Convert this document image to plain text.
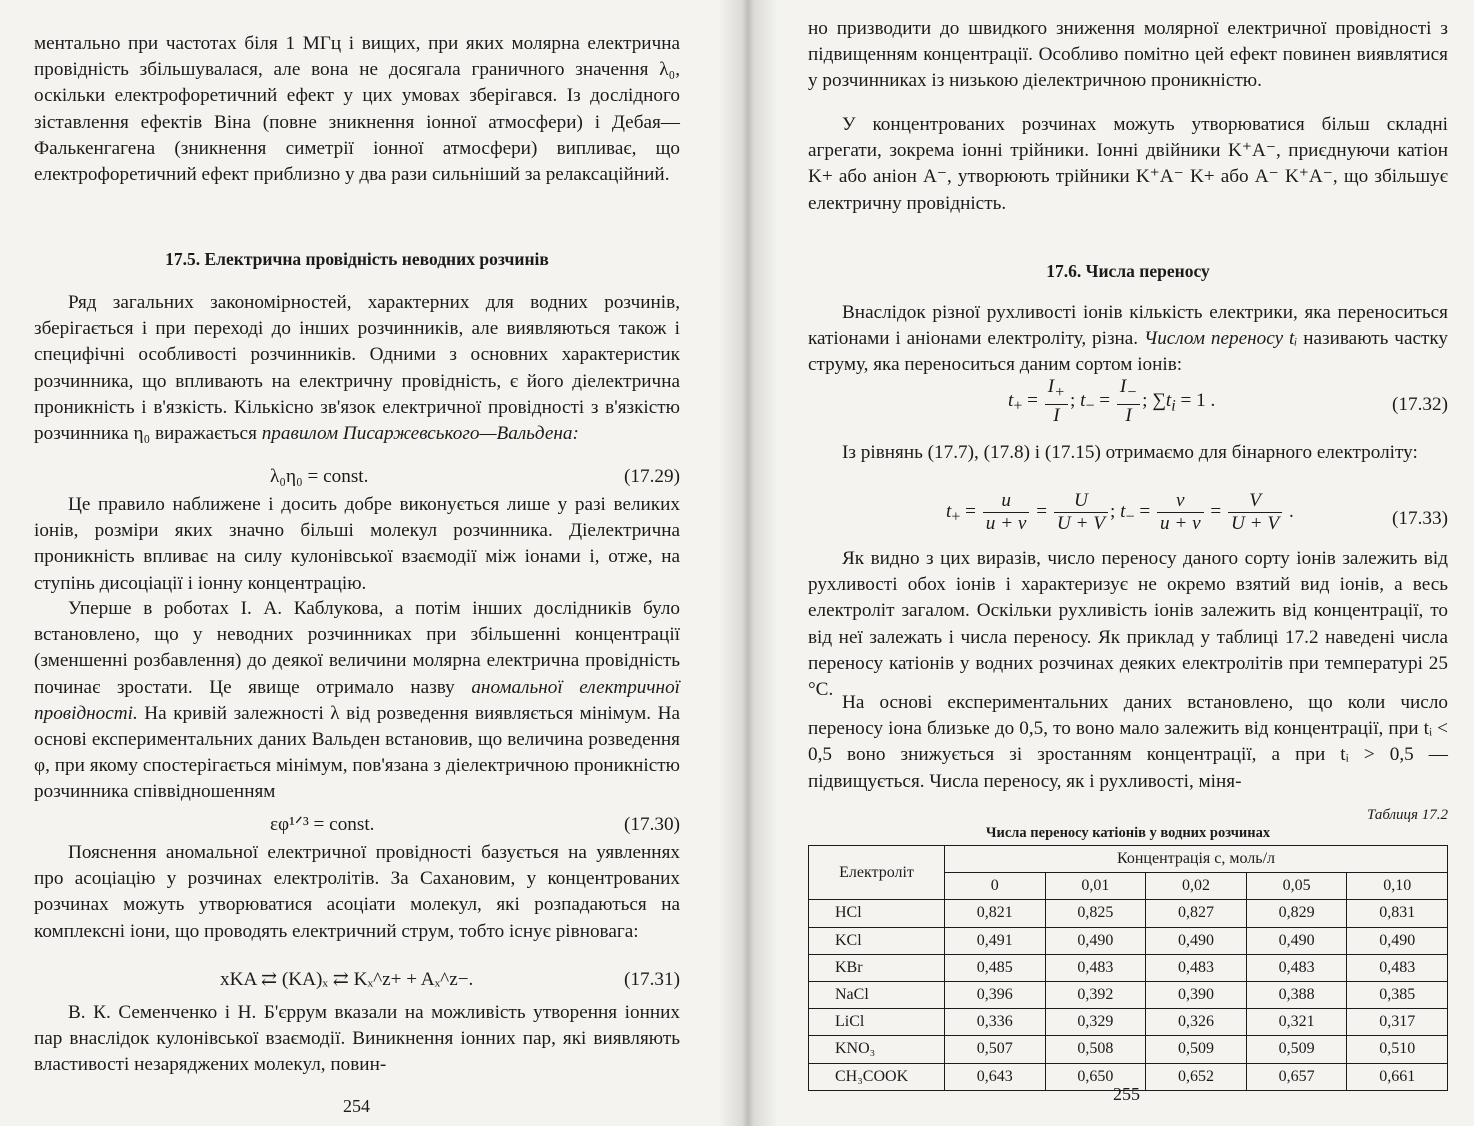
ментально при частотах біля 1 МГц і вищих, при яких молярна електрична провідність збільшувалася, але вона не досягала граничного значення λ₀, оскільки електрофоретичний ефект у цих умовах зберігався. Із дослідного зіставлення ефектів Віна (повне зникнення іонної атмосфери) і Дебая—Фалькенгагена (зникнення симетрії іонної атмосфери) випливає, що електрофоретичний ефект приблизно у два рази сильніший за релаксаційний.

17.5. Електрична провідність неводних розчинів

Ряд загальних закономірностей, характерних для водних розчинів, зберігається і при переході до інших розчинників, але виявляються також і специфічні особливості розчинників. Одними з основних характеристик розчинника, що впливають на електричну провідність, є його діелектрична проникність і в'язкість. Кількісно зв'язок електричної провідності з в'язкістю розчинника η₀ виражається правилом Писаржевського—Вальдена:

λ₀η₀ = const.	(17.29)

Це правило наближене і досить добре виконується лише у разі великих іонів, розміри яких значно більші молекул розчинника. Діелектрична проникність впливає на силу кулонівської взаємодії між іонами і, отже, на ступінь дисоціації і іонну концентрацію.

Уперше в роботах І. А. Каблукова, а потім інших дослідників було встановлено, що у неводних розчинниках при збільшенні концентрації (зменшенні розбавлення) до деякої величини молярна електрична провідність починає зростати. Це явище отримало назву аномальної електричної провідності. На кривій залежності λ від розведення виявляється мінімум. На основі експериментальних даних Вальден встановив, що величина розведення φ, при якому спостерігається мінімум, пов'язана з діелектричною проникністю розчинника співвідношенням

εφ¹ᐟ³ = const.	(17.30)

Пояснення аномальної електричної провідності базується на уявленнях про асоціацію у розчинах електролітів. За Сахановим, у концентрованих розчинах можуть утворюватися асоціати молекул, які розпадаються на комплексні іони, що проводять електричний струм, тобто існує рівновага:

xKA ⇄ (KA)ₓ ⇄ Kₓ^z+ + Aₓ^z−.	(17.31)

В. К. Семенченко і Н. Б'єррум вказали на можливість утворення іонних пар внаслідок кулонівської взаємодії. Виникнення іонних пар, які виявляють властивості незаряджених молекул, повин-

254

но призводити до швидкого зниження молярної електричної провідності з підвищенням концентрації. Особливо помітно цей ефект повинен виявлятися у розчинниках із низькою діелектричною проникністю.

У концентрованих розчинах можуть утворюватися більш складні агрегати, зокрема іонні трійники. Іонні двійники K⁺A⁻, приєднуючи катіон K+ або аніон A⁻, утворюють трійники K⁺A⁻ K+ або A⁻ K⁺A⁻, що збільшує електричну провідність.

17.6. Числа переносу

Внаслідок різної рухливості іонів кількість електрики, яка переноситься катіонами і аніонами електроліту, різна. Числом переносу tᵢ називають частку струму, яка переноситься даним сортом іонів:

$t_+ = \frac{I_+}{I}$ ; $t_- = \frac{I_-}{I}$ ; $\sum t_i = 1$ .	(17.32)

Із рівнянь (17.7), (17.8) і (17.15) отримаємо для бінарного електроліту:

$t_+ = \frac{u}{u + v} = \frac{U}{U + V}$ ; $t_- = \frac{v}{u + v} = \frac{V}{U + V}$ .	(17.33)

Як видно з цих виразів, число переносу даного сорту іонів залежить від рухливості обох іонів і характеризує не окремо взятий вид іонів, а весь електроліт загалом. Оскільки рухливість іонів залежить від концентрації, то від неї залежать і числа переносу. Як приклад у таблиці 17.2 наведені числа переносу катіонів у водних розчинах деяких електролітів при температурі 25 °C.

На основі експериментальних даних встановлено, що коли число переносу іона близьке до 0,5, то воно мало залежить від концентрації, при tᵢ < 0,5 воно знижується зі зростанням концентрації, а при tᵢ > 0,5 — підвищується. Числа переносу, як і рухливості, міня-

Таблиця 17.2
Числа переносу катіонів у водних розчинах
Електроліт	Концентрація c, моль/л				
	0	0,01	0,02	0,05	0,10
HCl	0,821	0,825	0,827	0,829	0,831
KCl	0,491	0,490	0,490	0,490	0,490
KBr	0,485	0,483	0,483	0,483	0,483
NaCl	0,396	0,392	0,390	0,388	0,385
LiCl	0,336	0,329	0,326	0,321	0,317
KNO₃	0,507	0,508	0,509	0,509	0,510
CH₃COOK	0,643	0,650	0,652	0,657	0,661
255
